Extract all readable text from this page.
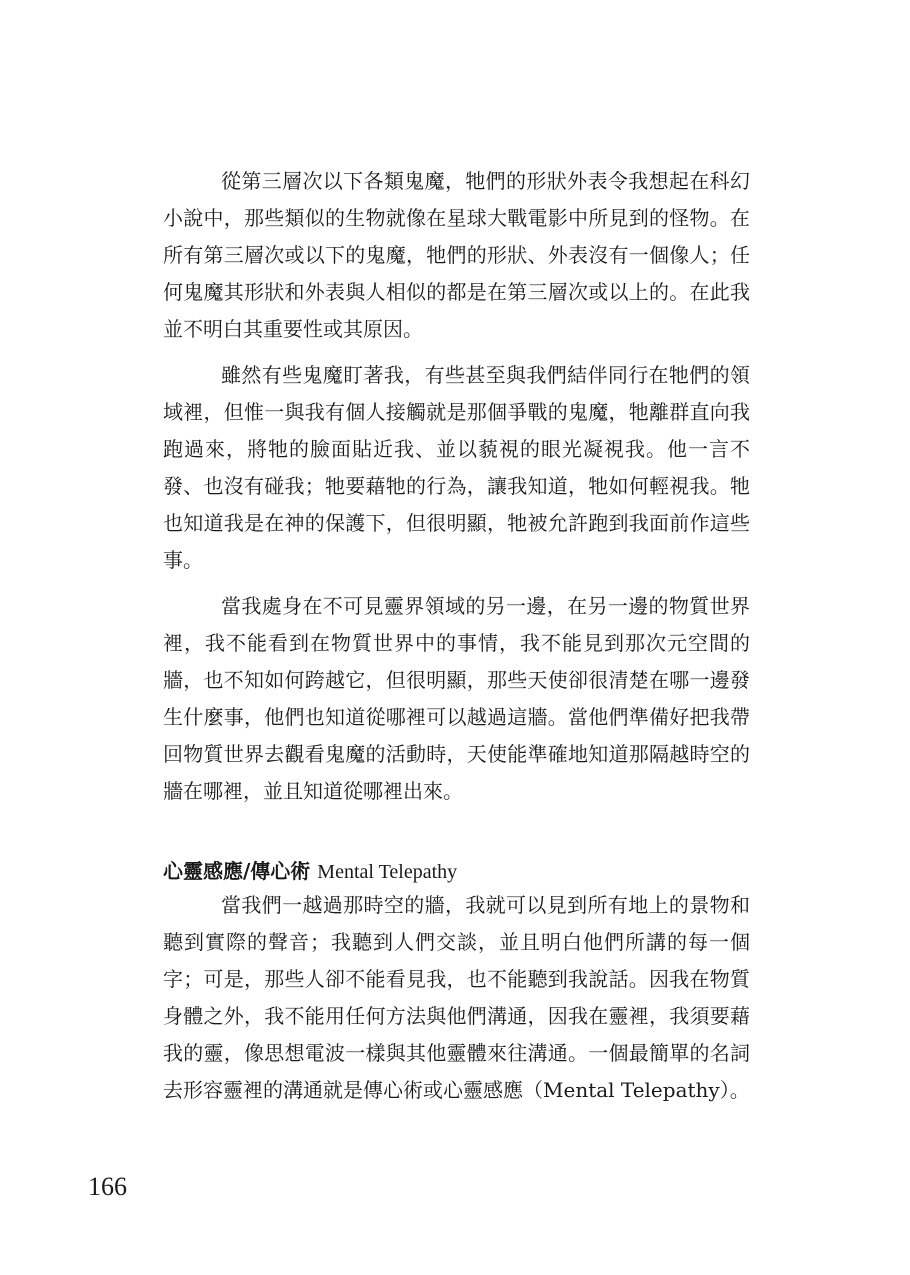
從第三層次以下各類鬼魔，牠們的形狀外表令我想起在科幻小說中，那些類似的生物就像在星球大戰電影中所見到的怪物。在所有第三層次或以下的鬼魔，牠們的形狀、外表沒有一個像人；任何鬼魔其形狀和外表與人相似的都是在第三層次或以上的。在此我並不明白其重要性或其原因。

雖然有些鬼魔盯著我，有些甚至與我們結伴同行在牠們的領域裡，但惟一與我有個人接觸就是那個爭戰的鬼魔，牠離群直向我跑過來，將牠的臉面貼近我、並以藐視的眼光凝視我。他一言不發、也沒有碰我；牠要藉牠的行為，讓我知道，牠如何輕視我。牠也知道我是在神的保護下，但很明顯，牠被允許跑到我面前作這些事。

當我處身在不可見靈界領域的另一邊，在另一邊的物質世界裡，我不能看到在物質世界中的事情，我不能見到那次元空間的牆，也不知如何跨越它，但很明顯，那些天使卻很清楚在哪一邊發生什麼事，他們也知道從哪裡可以越過這牆。當他們準備好把我帶回物質世界去觀看鬼魔的活動時，天使能準確地知道那隔越時空的牆在哪裡，並且知道從哪裡出來。

心靈感應/傳心術 Mental Telepathy

當我們一越過那時空的牆，我就可以見到所有地上的景物和聽到實際的聲音；我聽到人們交談，並且明白他們所講的每一個字；可是，那些人卻不能看見我，也不能聽到我說話。因我在物質身體之外，我不能用任何方法與他們溝通，因我在靈裡，我須要藉我的靈，像思想電波一樣與其他靈體來往溝通。一個最簡單的名詞去形容靈裡的溝通就是傳心術或心靈感應（Mental Telepathy）。

166
